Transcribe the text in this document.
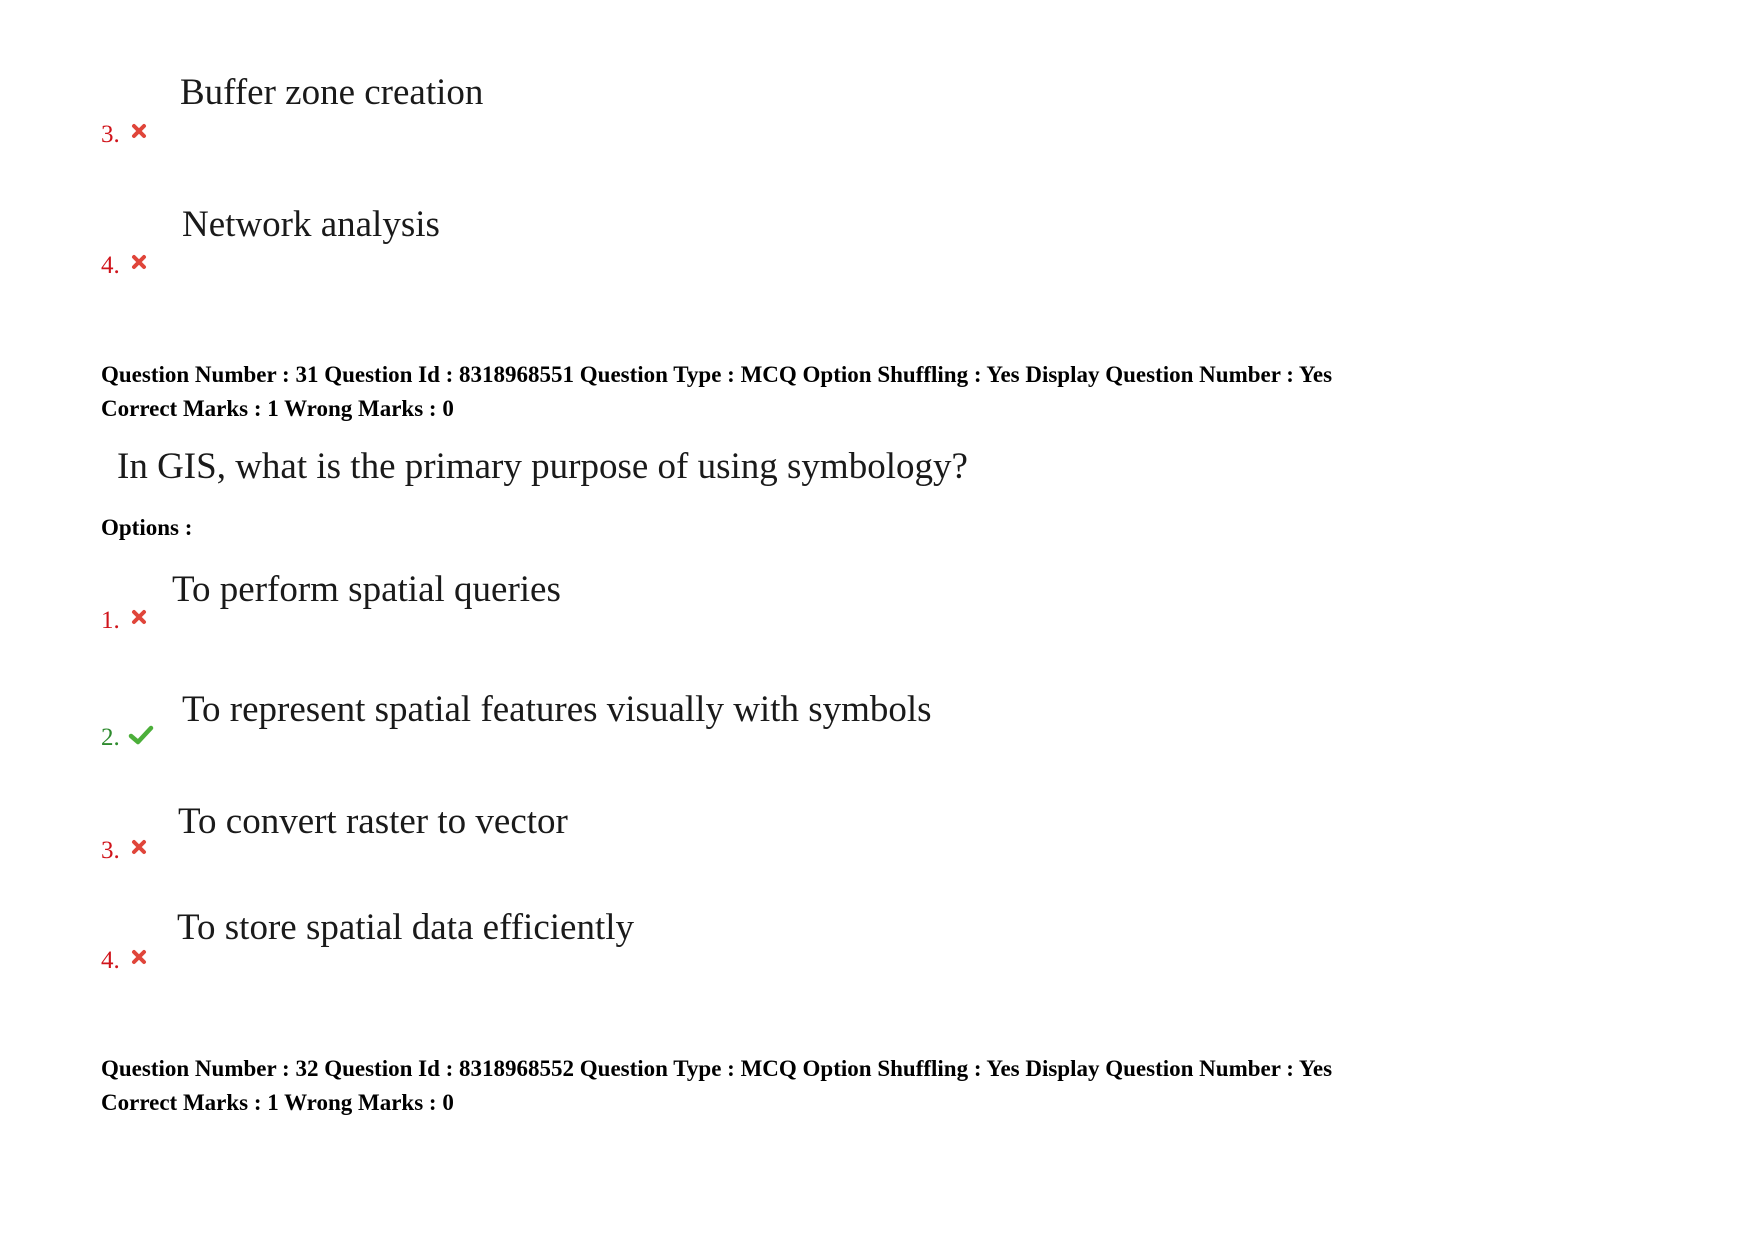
Buffer zone creation
3.
Network analysis
4.
Question Number : 31 Question Id : 8318968551 Question Type : MCQ Option Shuffling : Yes Display Question Number : Yes
Correct Marks : 1 Wrong Marks : 0
In GIS, what is the primary purpose of using symbology?
Options :
To perform spatial queries
1.
To represent spatial features visually with symbols
2.
To convert raster to vector
3.
To store spatial data efficiently
4.
Question Number : 32 Question Id : 8318968552 Question Type : MCQ Option Shuffling : Yes Display Question Number : Yes
Correct Marks : 1 Wrong Marks : 0
